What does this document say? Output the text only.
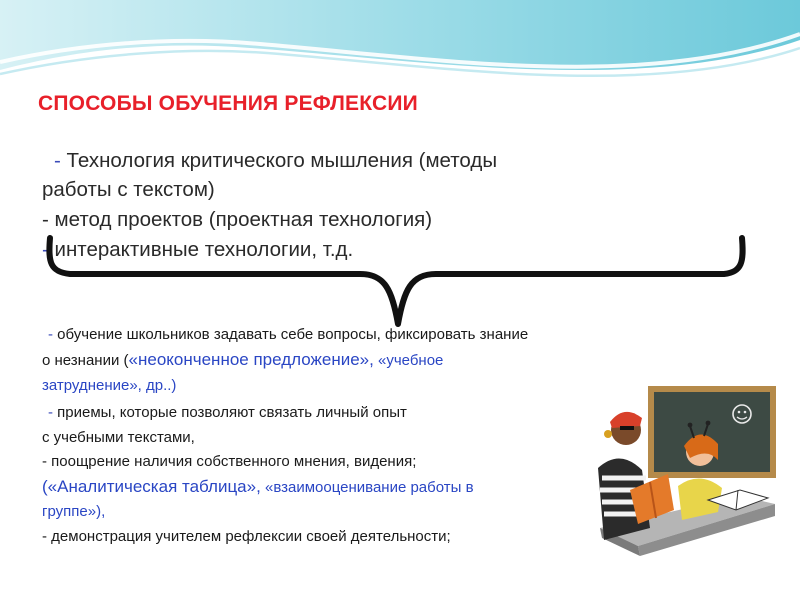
СПОСОБЫ ОБУЧЕНИЯ РЕФЛЕКСИИ
- Технология критического мышления (методы
работы с текстом)
- метод проектов (проектная технология)
- интерактивные технологии, т.д.
- обучение школьников задавать себе вопросы, фиксировать знание
о незнании («неоконченное предложение», «учебное
затруднение», др..)
- приемы, которые позволяют связать личный опыт
с учебными текстами,
- поощрение наличия собственного мнения, видения;
(«Аналитическая таблица», «взаимооценивание работы в
группе»),
- демонстрация учителем рефлексии своей деятельности;
